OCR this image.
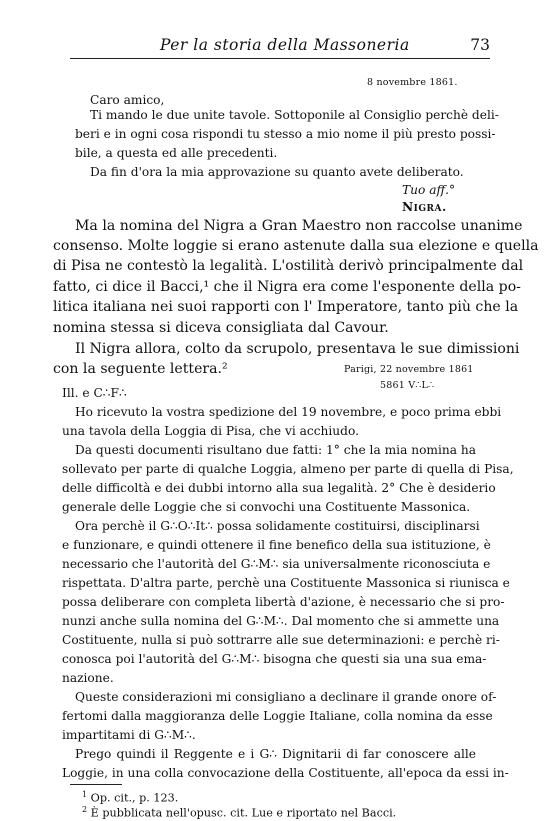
Per la storia della Massoneria	73
8 novembre 1861.
Caro amico,
Ti mando le due unite tavole. Sottoponile al Consiglio perchè deli-
beri e in ogni cosa rispondi tu stesso a mio nome il più presto possi-
bile, a questa ed alle precedenti.
Da fin d'ora la mia approvazione su quanto avete deliberato.
Tuo aff.°
Nigra.
Ma la nomina del Nigra a Gran Maestro non raccolse unanime
consenso. Molte loggie si erano astenute dalla sua elezione e quella
di Pisa ne contestò la legalità. L'ostilità derivò principalmente dal
fatto, ci dice il Bacci,¹ che il Nigra era come l'esponente della po-
litica italiana nei suoi rapporti con l' Imperatore, tanto più che la
nomina stessa si diceva consigliata dal Cavour.
Il Nigra allora, colto da scrupolo, presentava le sue dimissioni
con la seguente lettera.²	Parigi, 22 novembre 1861
5861 V∴L∴
Ill. e C∴F∴
Ho ricevuto la vostra spedizione del 19 novembre, e poco prima ebbi
una tavola della Loggia di Pisa, che vi acchiudo.
Da questi documenti risultano due fatti: 1° che la mia nomina ha
sollevato per parte di qualche Loggia, almeno per parte di quella di Pisa,
delle difficoltà e dei dubbi intorno alla sua legalità. 2° Che è desiderio
generale delle Loggie che si convochi una Costituente Massonica.
Ora perchè il G∴O∴It∴ possa solidamente costituirsi, disciplinarsi
e funzionare, e quindi ottenere il fine benefico della sua istituzione, è
necessario che l'autorità del G∴M∴ sia universalmente riconosciuta e
rispettata. D'altra parte, perchè una Costituente Massonica si riunisca e
possa deliberare con completa libertà d'azione, è necessario che si pro-
nunzi anche sulla nomina del G∴M∴. Dal momento che si ammette una
Costituente, nulla si può sottrarre alle sue determinazioni: e perchè ri-
conosca poi l'autorità del G∴M∴ bisogna che questi sia una sua ema-
nazione.
Queste considerazioni mi consigliano a declinare il grande onore of-
fertomi dalla maggioranza delle Loggie Italiane, colla nomina da esse
impartitami di G∴M∴.
Prego quindi il Reggente e i G∴ Dignitarii di far conoscere alle
Loggie, in una colla convocazione della Costituente, all'epoca da essi in-
$^1$ Op. cit., p. 123.
$^2$ È pubblicata nell'opusc. cit. Lue e riportato nel Bacci.
